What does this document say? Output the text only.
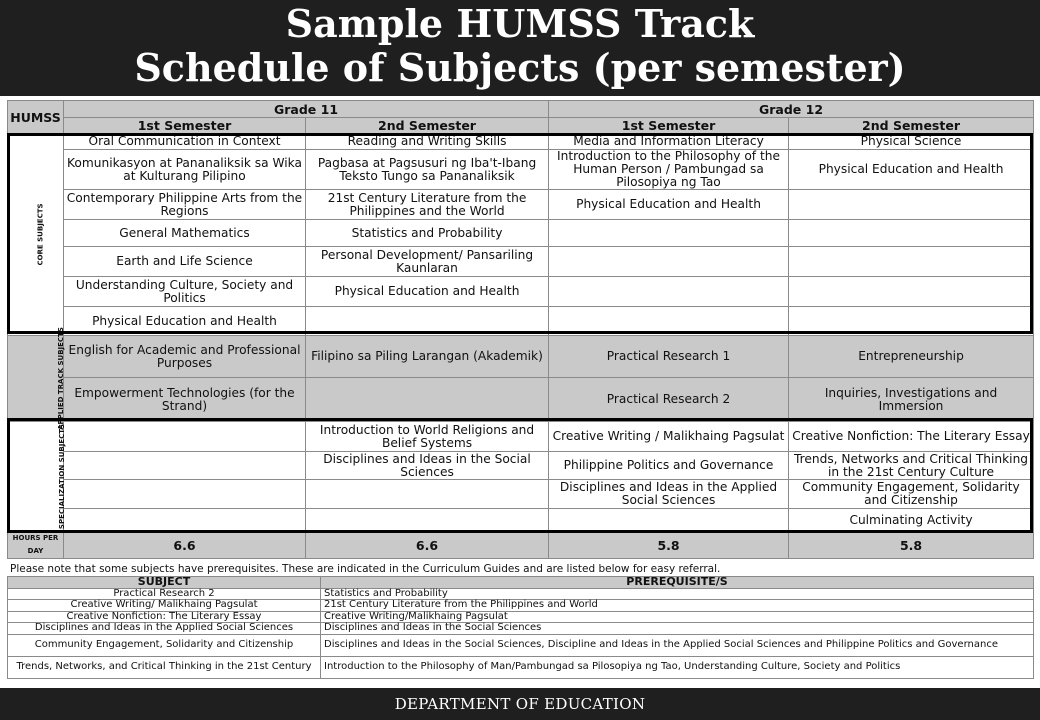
Sample HUMSS Track
Schedule of Subjects (per semester)
HUMSS	Grade 11		Grade 12	
	1st Semester	2nd Semester	1st Semester	2nd Semester
CORE SUBJECTS	Oral Communication in Context	Reading and Writing Skills	Media and Information Literacy	Physical Science
	Komunikasyon at Pananaliksik sa Wika at Kulturang Pilipino	Pagbasa at Pagsusuri ng Iba't-Ibang Teksto Tungo sa Pananaliksik	Introduction to the Philosophy of the Human Person / Pambungad sa Pilosopiya ng Tao	Physical Education and Health
	Contemporary Philippine Arts from the Regions	21st Century Literature from the Philippines and the World	Physical Education and Health	
	General Mathematics	Statistics and Probability		
	Earth and Life Science	Personal Development/ Pansariling Kaunlaran		
	Understanding Culture, Society and Politics	Physical Education and Health		
	Physical Education and Health			
APPLIED TRACK SUBJECTS	English for Academic and Professional Purposes	Filipino sa Piling Larangan (Akademik)	Practical Research 1	Entrepreneurship
	Empowerment Technologies (for the Strand)		Practical Research 2	Inquiries, Investigations and Immersion
SPECIALIZATION SUBJECTS		Introduction to World Religions and Belief Systems	Creative Writing / Malikhaing Pagsulat	Creative Nonfiction: The Literary Essay
		Disciplines and Ideas in the Social Sciences	Philippine Politics and Governance	Trends, Networks and Critical Thinking in the 21st Century Culture
			Disciplines and Ideas in the Applied Social Sciences	Community Engagement, Solidarity and Citizenship
				Culminating Activity
HOURS PER DAY	6.6	6.6	5.8	5.8
Please note that some subjects have prerequisites. These are indicated in the Curriculum Guides and are listed below for easy referral.
SUBJECT	PREREQUISITE/S
Practical Research 2	Statistics and Probability
Creative Writing/ Malikhaing Pagsulat	21st Century Literature from the Philippines and World
Creative Nonfiction: The Literary Essay	Creative Writing/Malikhaing Pagsulat
Disciplines and Ideas in the Applied Social Sciences	Disciplines and Ideas in the Social Sciences
Community Engagement, Solidarity and Citizenship	Disciplines and Ideas in the Social Sciences, Discipline and Ideas in the Applied Social Sciences and Philippine Politics and Governance
Trends, Networks, and Critical Thinking in the 21st Century	Introduction to the Philosophy of Man/Pambungad sa Pilosopiya ng Tao, Understanding Culture, Society and Politics
DEPARTMENT OF EDUCATION
